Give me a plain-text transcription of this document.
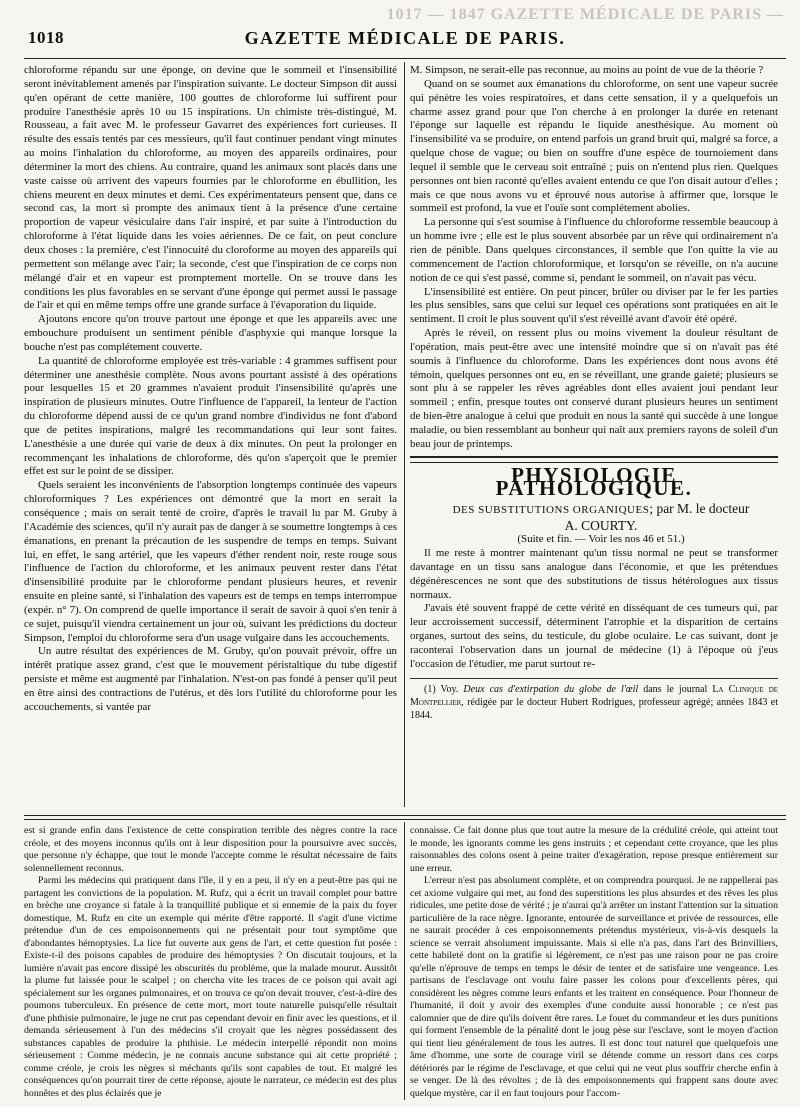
1017 — 1847 GAZETTE MÉDICALE DE PARIS —
1018	GAZETTE MÉDICALE DE PARIS.

chloroforme répandu sur une éponge, on devine que le sommeil et l'insensibilité seront inévitablement amenés par l'inspiration suivante. Le docteur Simpson dit aussi qu'en opérant de cette manière, 100 gouttes de chloroforme lui suffirent pour produire l'anesthésie après 10 ou 15 inspirations. Un chimiste très-distingué, M. Rousseau, a fait avec M. le professeur Gavarret des expériences fort curieuses. Il résulte des essais tentés par ces messieurs, qu'il faut continuer pendant vingt minutes au moins l'inhalation du chloroforme, au moyen des appareils ordinaires, pour déterminer la mort des chiens. Au contraire, quand les animaux sont placés dans une vaste caisse où arrivent des vapeurs fournies par le chloroforme en ébullition, les chiens meurent en deux minutes et demi. Ces expérimentateurs pensent que, dans ce second cas, la mort si prompte des animaux tient à la présence d'une certaine proportion de vapeur vésiculaire dans l'air inspiré, et par suite à l'introduction du chloroforme à l'état liquide dans les voies aériennes. De ce fait, on peut conclure deux choses : la première, c'est l'innocuité du cloroforme au moyen des appareils qui permettent son mélange avec l'air; la seconde, c'est que l'inspiration de ce corps non mélangé d'air et en vapeur est promptement mortelle. On se trouve dans les conditions les plus favorables en se servant d'une éponge qui permet aussi le passage de l'air et qui en même temps offre une grande surface à l'évaporation du liquide.

Ajoutons encore qu'on trouve partout une éponge et que les appareils avec une embouchure produisent un sentiment pénible d'asphyxie qui manque lorsque la bouche n'est pas complétement couverte.

La quantité de chloroforme employée est très-variable : 4 grammes suffisent pour déterminer une anesthésie complète. Nous avons pourtant assisté à des opérations pour lesquelles 15 et 20 grammes n'avaient produit l'insensibilité qu'après une inspiration de plusieurs minutes. Outre l'influence de l'appareil, la lenteur de l'action du chloroforme dépend aussi de ce qu'un grand nombre d'individus ne font d'abord que de petites inspirations, malgré les recommandations qui leur sont faites. L'anesthésie a une durée qui varie de deux à dix minutes. On peut la prolonger en recommençant les inhalations de chloroforme, dès qu'on s'aperçoit que le premier effet est sur le point de se dissiper.

Quels seraient les inconvénients de l'absorption longtemps continuée des vapeurs chloroformiques ? Les expériences ont démontré que la mort en serait la conséquence ; mais on serait tenté de croire, d'après le travail lu par M. Gruby à l'Académie des sciences, qu'il n'y aurait pas de danger à se soumettre longtemps à ces émanations, en prenant la précaution de les suspendre de temps en temps. Suivant lui, en effet, le sang artériel, que les vapeurs d'éther rendent noir, reste rouge sous l'influence de l'action du chloroforme, et les animaux peuvent rester dans l'état d'insensibilité produite par le chloroforme pendant plusieurs heures, et revenir ensuite en pleine santé, si l'inhalation des vapeurs est de temps en temps interrompue (expér. n° 7). On comprend de quelle importance il serait de savoir à quoi s'en tenir à ce sujet, puisqu'il viendra certainement un jour où, suivant les prédictions du docteur Simpson, l'emploi du chloroforme sera d'un usage vulgaire dans les accouchements.

Un autre résultat des expériences de M. Gruby, qu'on pouvait prévoir, offre un intérêt pratique assez grand, c'est que le mouvement péristaltique du tube digestif persiste et même est augmenté par l'inhalation. N'est-on pas fondé à penser qu'il peut en être ainsi des contractions de l'utérus, et dès lors l'utilité du chloroforme pour les accouchements, si vantée par

M. Simpson, ne serait-elle pas reconnue, au moins au point de vue de la théorie ?

Quand on se soumet aux émanations du chloroforme, on sent une vapeur sucrée qui pénètre les voies respiratoires, et dans cette sensation, il y a quelquefois un charme assez grand pour que l'on cherche à en prolonger la durée en retenant l'éponge sur laquelle est répandu le liquide anesthésique. Au moment où l'insensibilité va se produire, on entend parfois un grand bruit qui, malgré sa force, a quelque chose de vague; ou bien on souffre d'une espèce de tournoiement dans lequel il semble que le cerveau soit entraîné ; puis on n'entend plus rien. Quelques personnes ont bien raconté qu'elles avaient entendu ce que l'on disait autour d'elles ; mais ce que nous avons vu et éprouvé nous autorise à affirmer que, lorsque le sommeil est profond, la vue et l'ouïe sont complétement abolies.

La personne qui s'est soumise à l'influence du chloroforme ressemble beaucoup à un homme ivre ; elle est le plus souvent absorbée par un rêve qui ordinairement n'a rien de pénible. Dans quelques circonstances, il semble que l'on quitte la vie au commencement de l'action chloroformique, et lorsqu'on se réveille, on n'a aucune notion de ce qui s'est passé, comme si, pendant le sommeil, on n'avait pas vécu.

L'insensibilité est entière. On peut pincer, brûler ou diviser par le fer les parties les plus sensibles, sans que celui sur lequel ces opérations sont pratiquées en ait le sentiment. Il croit le plus souvent qu'il s'est réveillé avant d'avoir été opéré.

Après le réveil, on ressent plus ou moins vivement la douleur résultant de l'opération, mais peut-être avec une intensité moindre que si on n'avait pas été soumis à l'influence du chloroforme. Dans les expériences dont nous avons été témoin, quelques personnes ont eu, en se réveillant, une grande gaieté; plusieurs se sont plu à se rappeler les rêves agréables dont elles avaient joui pendant leur sommeil ; enfin, presque toutes ont conservé durant plusieurs heures un sentiment de bien-être analogue à celui que produit en nous la santé qui succède à une longue maladie, ou bien ressemblant au bonheur qui naît aux premiers rayons de soleil d'un beau jour de printemps.

PHYSIOLOGIE PATHOLOGIQUE.

DES SUBSTITUTIONS ORGANIQUES; par M. le docteur

A. COURTY.

(Suite et fin. — Voir les nos 46 et 51.)

Il me reste à montrer maintenant qu'un tissu normal ne peut se transformer davantage en un tissu sans analogue dans l'économie, et que les prétendues dégénérescences ne sont que des substitutions de tissus hétérologues aux tissus normaux.

J'avais été souvent frappé de cette vérité en disséquant de ces tumeurs qui, par leur accroissement successif, déterminent l'atrophie et la disparition de certains organes, surtout des seins, du testicule, du globe oculaire. Le cas suivant, dont je raconterai l'observation dans un journal de médecine (1) à l'époque où j'eus l'occasion de l'étudier, me parut surtout re-

(1) Voy. Deux cas d'extirpation du globe de l'œil dans le journal La Clinique de Montpellier, rédigée par le docteur Hubert Rodrigues, professeur agrégé; années 1843 et 1844.

est si grande enfin dans l'existence de cette conspiration terrible des nègres contre la race créole, et des moyens inconnus qu'ils ont à leur disposition pour la poursuivre avec succès, que personne n'y échappe, que tout le monde l'accepte comme le résultat nécessaire de faits solennellement reconnus.

Parmi les médecins qui pratiquent dans l'île, il y en a peu, il n'y en a peut-être pas qui ne partagent les convictions de la population. M. Rufz, qui a écrit un travail complet pour battre en brèche une croyance si fatale à la tranquillité publique et si ennemie de la paix du foyer domestique, M. Rufz en cite un exemple qui mérite d'être rapporté. Il s'agit d'une victime prétendue d'un de ces empoisonnements qui ne présentait pour tout symptôme que d'abondantes hémoptysies. La lice fut ouverte aux gens de l'art, et cette question fut posée : Existe-t-il des poisons capables de produire des hémoptysies ? On discutait toujours, et la lumière n'avait pas encore dissipé les obscurités du problème, que la malade mourut. Aussitôt la plume fut laissée pour le scalpel ; on chercha vite les traces de ce poison qui avait agi spécialement sur les organes pulmonaires, et on trouva ce qu'on devait trouver, c'est-à-dire des poumons tuberculeux. En présence de cette mort, mort toute naturelle puisqu'elle résultait d'une phthisie pulmonaire, le juge ne crut pas cependant devoir en finir avec les questions, et il demanda sérieusement à l'un des médecins s'il croyait que les nègres possédassent des substances capables de produire la phthisie. Le médecin interpellé répondit non moins sérieusement : Comme médecin, je ne connais aucune substance qui ait cette propriété ; comme créole, je crois les nègres si méchants qu'ils sont capables de tout. Et malgré les conséquences qu'on pourrait tirer de cette réponse, ajoute le narrateur, ce médecin est des plus honnêtes et des plus éclairés que je

connaisse. Ce fait donne plus que tout autre la mesure de la crédulité créole, qui atteint tout le monde, les ignorants comme les gens instruits ; et cependant cette croyance, que les plus raisonnables des colons osent à peine traiter d'exagération, repose presque entièrement sur une erreur.

L'erreur n'est pas absolument complète, et on comprendra pourquoi. Je ne rappellerai pas cet axiome vulgaire qui met, au fond des superstitions les plus absurdes et des rêves les plus ridicules, une petite dose de vérité ; je n'aurai qu'à arrêter un instant l'attention sur la situation particulière de la race nègre. Ignorante, entourée de surveillance et privée de ressources, elle ne saurait procéder à ces empoisonnements prétendus mystérieux, vis-à-vis desquels la science se verrait absolument impuissante. Mais si elle n'a pas, dans l'art des Brinvilliers, cette habileté dont on la gratifie si légèrement, ce n'est pas une raison pour ne pas croire qu'elle n'éprouve de temps en temps le désir de tenter et de satisfaire une vengeance. Les partisans de l'esclavage ont voulu faire passer les colons pour d'excellents pères, qui considèrent les nègres comme leurs enfants et les traitent en conséquence. Pour l'honneur de l'humanité, il doit y avoir des exemples d'une conduite aussi honorable ; ce n'est pas calomnier que de dire qu'ils doivent être rares. Le fouet du commandeur et les durs punitions qui forment l'ensemble de la pénalité dont le joug pèse sur l'esclave, sont le moyen d'action qui tient lieu généralement de tous les autres. Il est donc tout naturel que quelquefois une âme d'homme, une sorte de courage viril se détende comme un ressort dans ces corps détériorés par le régime de l'esclavage, et que celui qui ne veut plus souffrir cherche enfin à se venger. De là des révoltes ; de là des empoisonnements qui frappent sans doute avec quelque mystère, car il en faut toujours pour l'accom-
